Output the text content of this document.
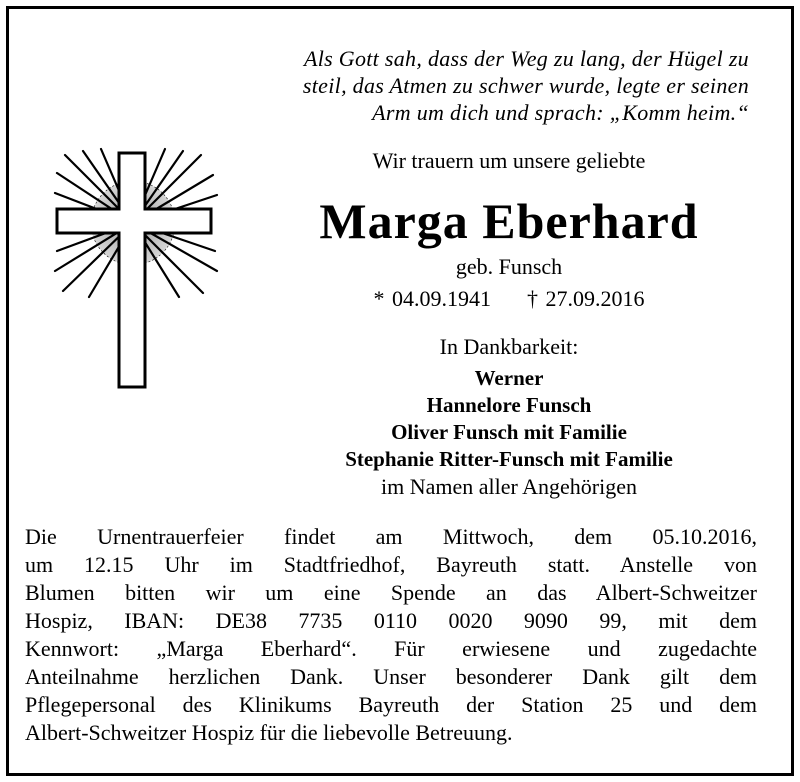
Als Gott sah, dass der Weg zu lang, der Hügel zu
steil, das Atmen zu schwer wurde, legte er seinen
Arm um dich und sprach: „Komm heim.“
Wir trauern um unsere geliebte
Marga Eberhard
geb. Funsch
* 04.09.1941 † 27.09.2016
In Dankbarkeit:
Werner
Hannelore Funsch
Oliver Funsch mit Familie
Stephanie Ritter-Funsch mit Familie
im Namen aller Angehörigen
Die Urnentrauerfeier findet am Mittwoch, dem 05.10.2016,
um 12.15 Uhr im Stadtfriedhof, Bayreuth statt. Anstelle von
Blumen bitten wir um eine Spende an das Albert-Schweitzer
Hospiz, IBAN: DE38 7735 0110 0020 9090 99, mit dem
Kennwort: „Marga Eberhard“. Für erwiesene und zugedachte
Anteilnahme herzlichen Dank. Unser besonderer Dank gilt dem
Pflegepersonal des Klinikums Bayreuth der Station 25 und dem
Albert-Schweitzer Hospiz für die liebevolle Betreuung.
